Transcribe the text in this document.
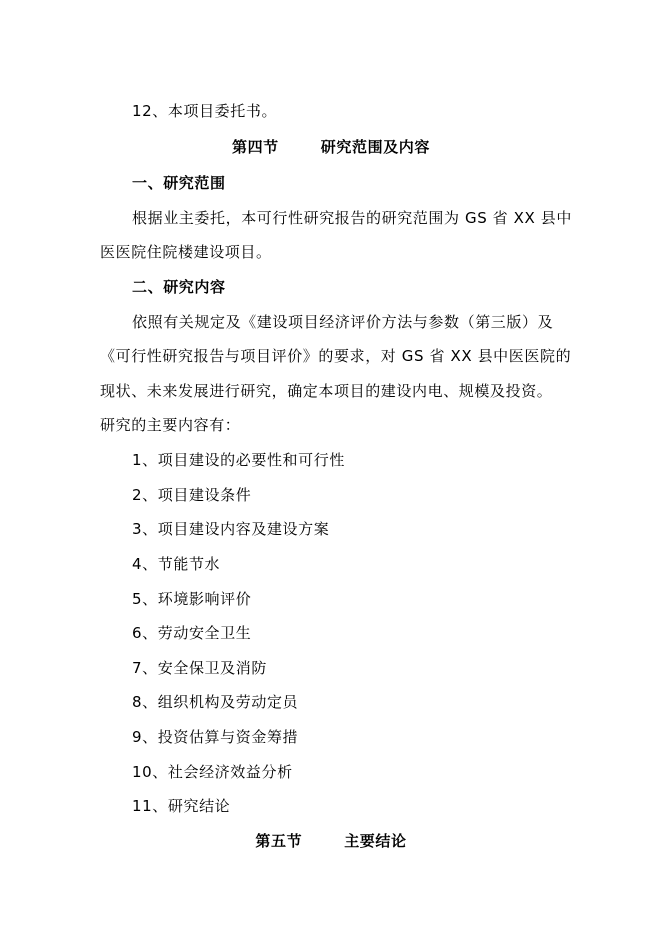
12、本项目委托书。
第四节	研究范围及内容
一、研究范围
根据业主委托，本可行性研究报告的研究范围为 GS 省 XX 县中
医医院住院楼建设项目。
二、研究内容
依照有关规定及《建设项目经济评价方法与参数（第三版）及
《可行性研究报告与项目评价》的要求，对 GS 省 XX 县中医医院的
现状、未来发展进行研究，确定本项目的建设内电、规模及投资。
研究的主要内容有：
1、项目建设的必要性和可行性
2、项目建设条件
3、项目建设内容及建设方案
4、节能节水
5、环境影响评价
6、劳动安全卫生
7、安全保卫及消防
8、组织机构及劳动定员
9、投资估算与资金筹措
10、社会经济效益分析
11、研究结论
第五节	主要结论
